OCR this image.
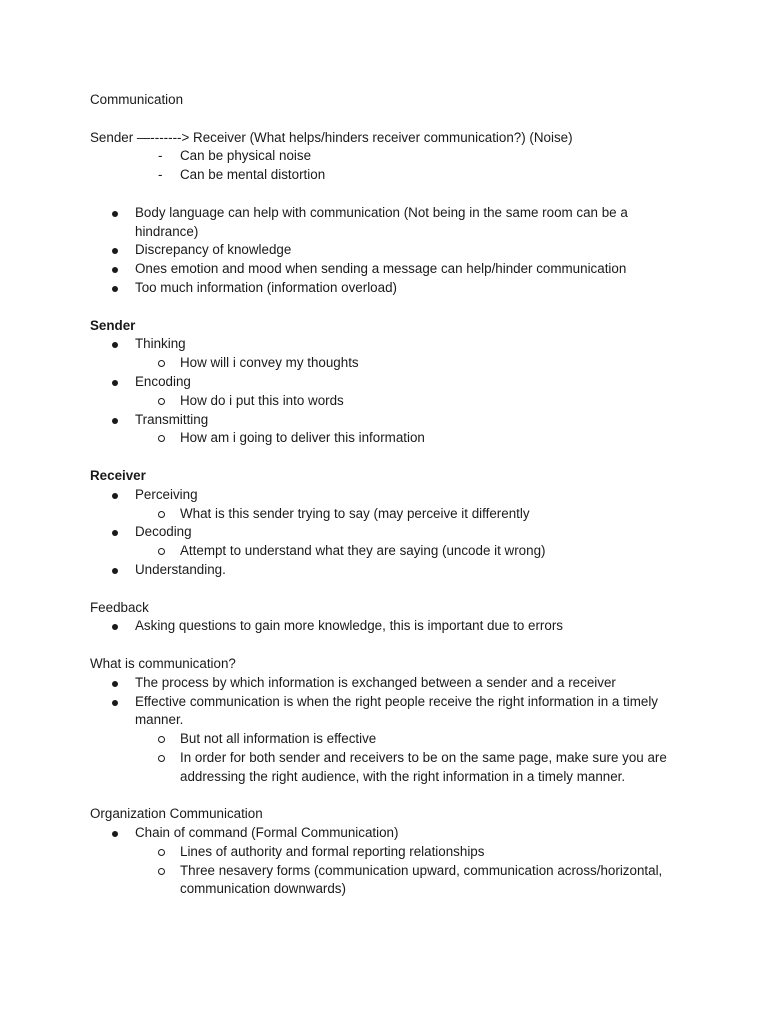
Communication

Sender —-------> Receiver (What helps/hinders receiver communication?) (Noise)

- Can be physical noise
- Can be mental distortion
Body language can help with communication (Not being in the same room can be a hindrance)
Discrepancy of knowledge
Ones emotion and mood when sending a message can help/hinder communication
Too much information (information overload)

Sender

Thinking
How will i convey my thoughts
Encoding
How do i put this into words
Transmitting
How am i going to deliver this information

Receiver

Perceiving
What is this sender trying to say (may perceive it differently
Decoding
Attempt to understand what they are saying (uncode it wrong)
Understanding.

Feedback

Asking questions to gain more knowledge, this is important due to errors

What is communication?

The process by which information is exchanged between a sender and a receiver
Effective communication is when the right people receive the right information in a timely manner.
But not all information is effective
In order for both sender and receivers to be on the same page, make sure you are addressing the right audience, with the right information in a timely manner.

Organization Communication

Chain of command (Formal Communication)
Lines of authority and formal reporting relationships
Three nesavery forms (communication upward, communication across/horizontal, communication downwards)
